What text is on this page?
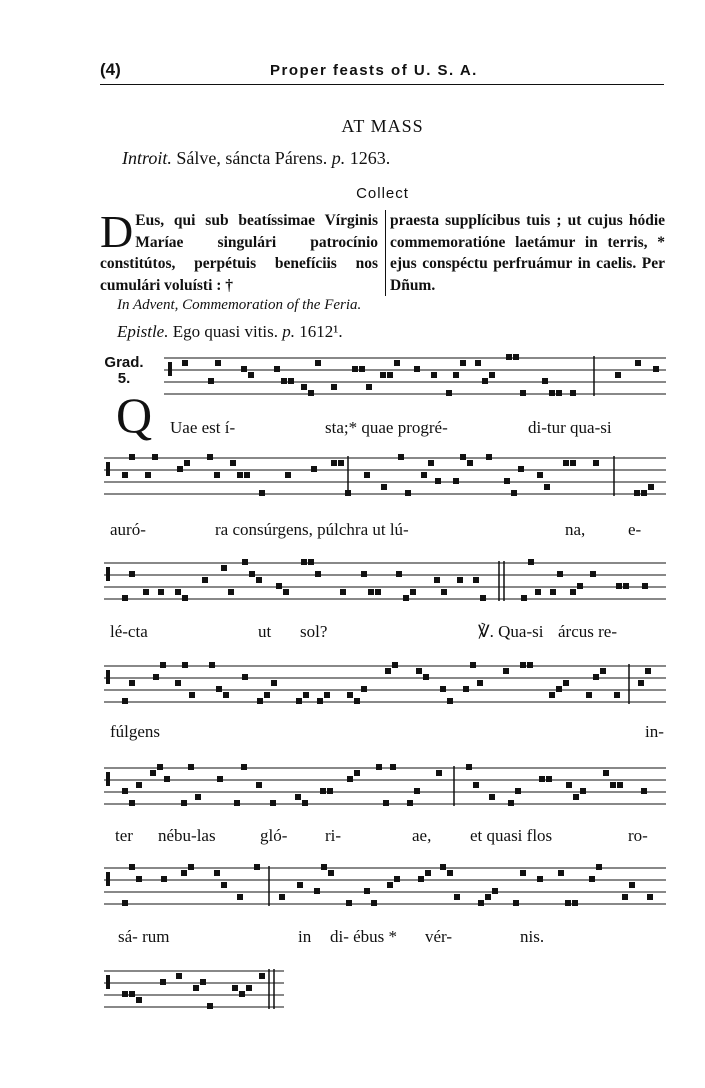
(4)	Proper feasts of U. S. A.
AT MASS
Introit. Sálve, sáncta Párens. p. 1263.
Collect
D Eus, qui sub beatíssimae Vírginis Maríae singulári patrocínio constitútos, perpétuis benefíciis nos cumulári voluísti : †
praesta supplícibus tuis ; ut cujus hódie commemoratióne laetámur in terris, * ejus conspéctu perfruámur in caelis. Per Dñum.
In Advent, Commemoration of the Feria.
Epistle. Ego quasi vitis. p. 1612¹.
Grad.
5.
Q Uae est í-	sta;* quae progré-	di-tur qua-si
auró-	ra consúrgens, púlchra ut lú-	na,	e-
lé-cta	ut sol?	℣. Qua-si árcus re-
fúlgens	in-
ter nébu-las	gló- ri-	ae, et quasi flos	ro-
sá- rum	in di- ébus * vér-	nis.
